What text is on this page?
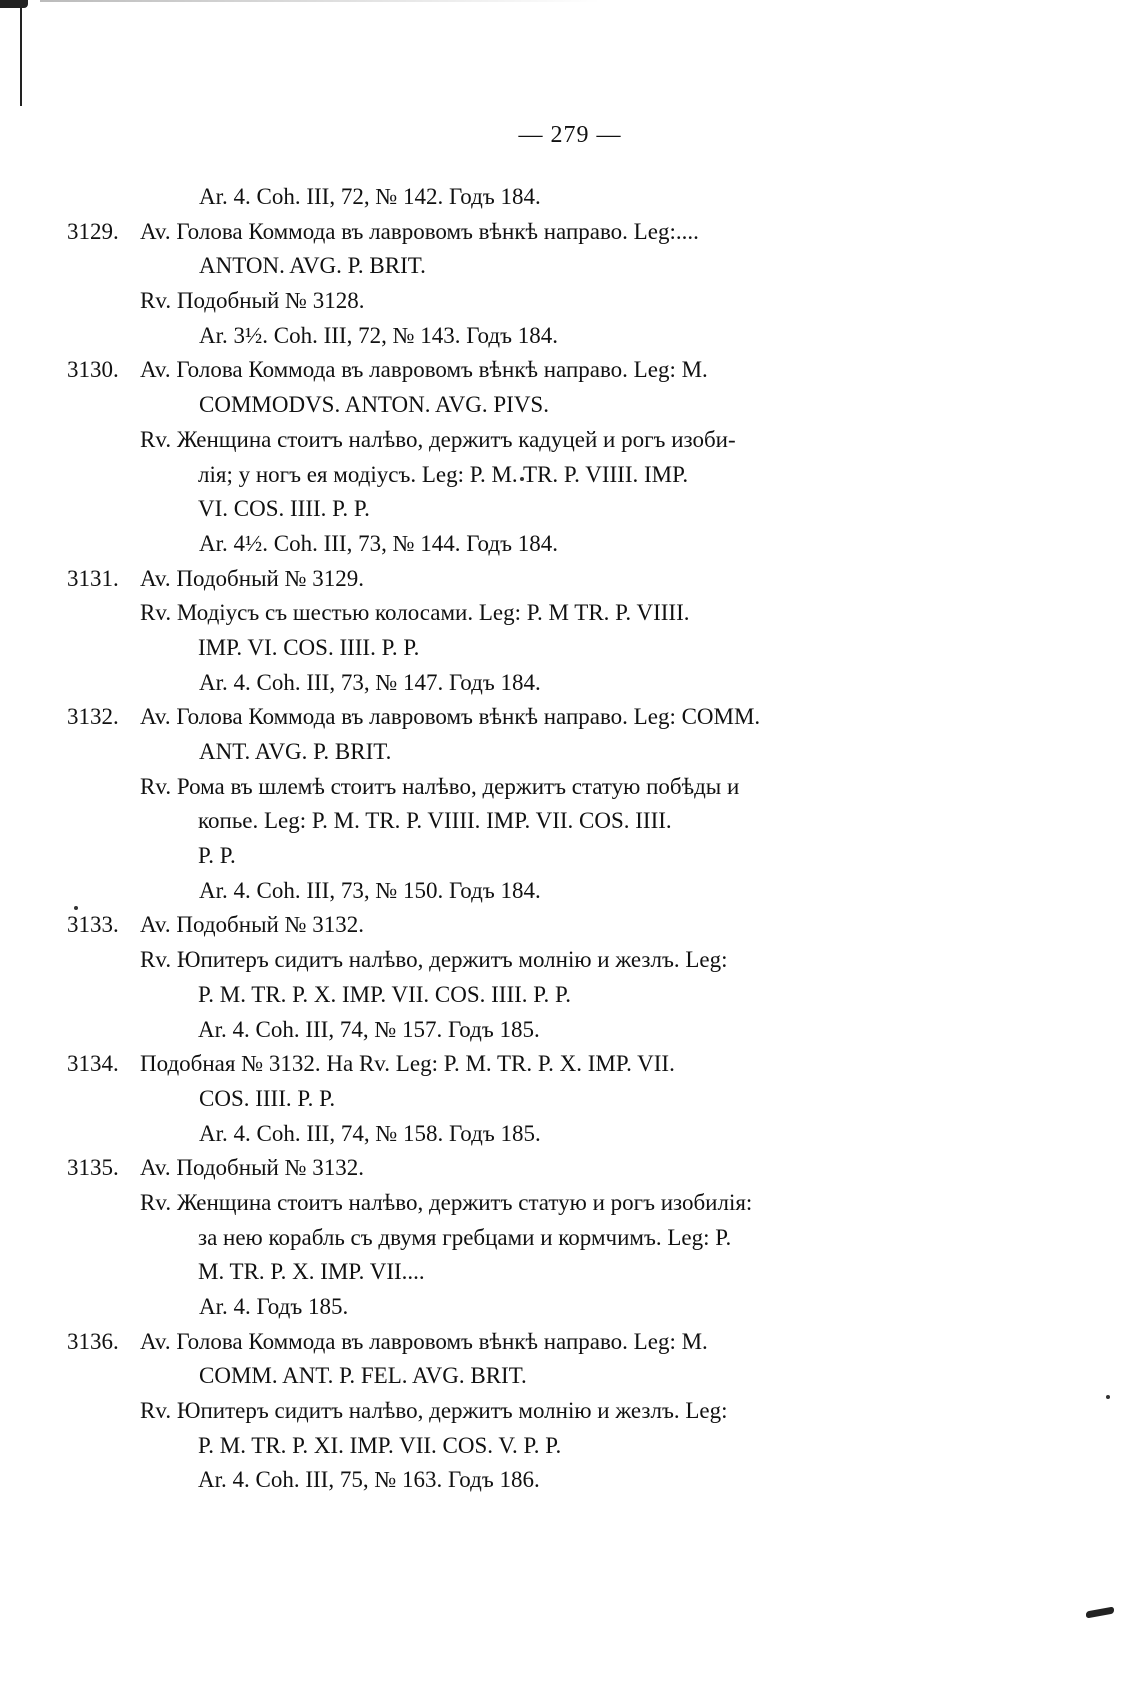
— 279 —
Ar. 4. Coh. III, 72, № 142. Годъ 184.
3129. Av. Голова Коммода въ лавровомъ вѣнкѣ направо. Leg:....
ANTON. AVG. P. BRIT.
Rv. Подобный № 3128.
Ar. 3½. Coh. III, 72, № 143. Годъ 184.
3130. Av. Голова Коммода въ лавровомъ вѣнкѣ направо. Leg: M.
COMMODVS. ANTON. AVG. PIVS.
Rv. Женщина стоитъ налѣво, держитъ кадуцей и рогъ изоби-
лія; у ногъ ея модіусъ. Leg: P. M. TR. P. VIIII. IMP.
VI. COS. IIII. P. P.
Ar. 4½. Coh. III, 73, № 144. Годъ 184.
3131. Av. Подобный № 3129.
Rv. Модіусъ съ шестью колосами. Leg: P. M TR. P. VIIII.
IMP. VI. COS. IIII. P. P.
Ar. 4. Coh. III, 73, № 147. Годъ 184.
3132. Av. Голова Коммода въ лавровомъ вѣнкѣ направо. Leg: COMM.
ANT. AVG. P. BRIT.
Rv. Рома въ шлемѣ стоитъ налѣво, держитъ статую побѣды и
копье. Leg: P. M. TR. P. VIIII. IMP. VII. COS. IIII.
P. P.
Ar. 4. Coh. III, 73, № 150. Годъ 184.
3133. Av. Подобный № 3132.
Rv. Юпитеръ сидитъ налѣво, держитъ молнію и жезлъ. Leg:
P. M. TR. P. X. IMP. VII. COS. IIII. P. P.
Ar. 4. Coh. III, 74, № 157. Годъ 185.
3134. Подобная № 3132. На Rv. Leg: P. M. TR. P. X. IMP. VII.
COS. IIII. P. P.
Ar. 4. Coh. III, 74, № 158. Годъ 185.
3135. Av. Подобный № 3132.
Rv. Женщина стоитъ налѣво, держитъ статую и рогъ изобилія:
за нею корабль съ двумя гребцами и кормчимъ. Leg: P.
M. TR. P. X. IMP. VII....
Ar. 4. Годъ 185.
3136. Av. Голова Коммода въ лавровомъ вѣнкѣ направо. Leg: M.
COMM. ANT. P. FEL. AVG. BRIT.
Rv. Юпитеръ сидитъ налѣво, держитъ молнію и жезлъ. Leg:
P. M. TR. P. XI. IMP. VII. COS. V. P. P.
Ar. 4. Coh. III, 75, № 163. Годъ 186.
